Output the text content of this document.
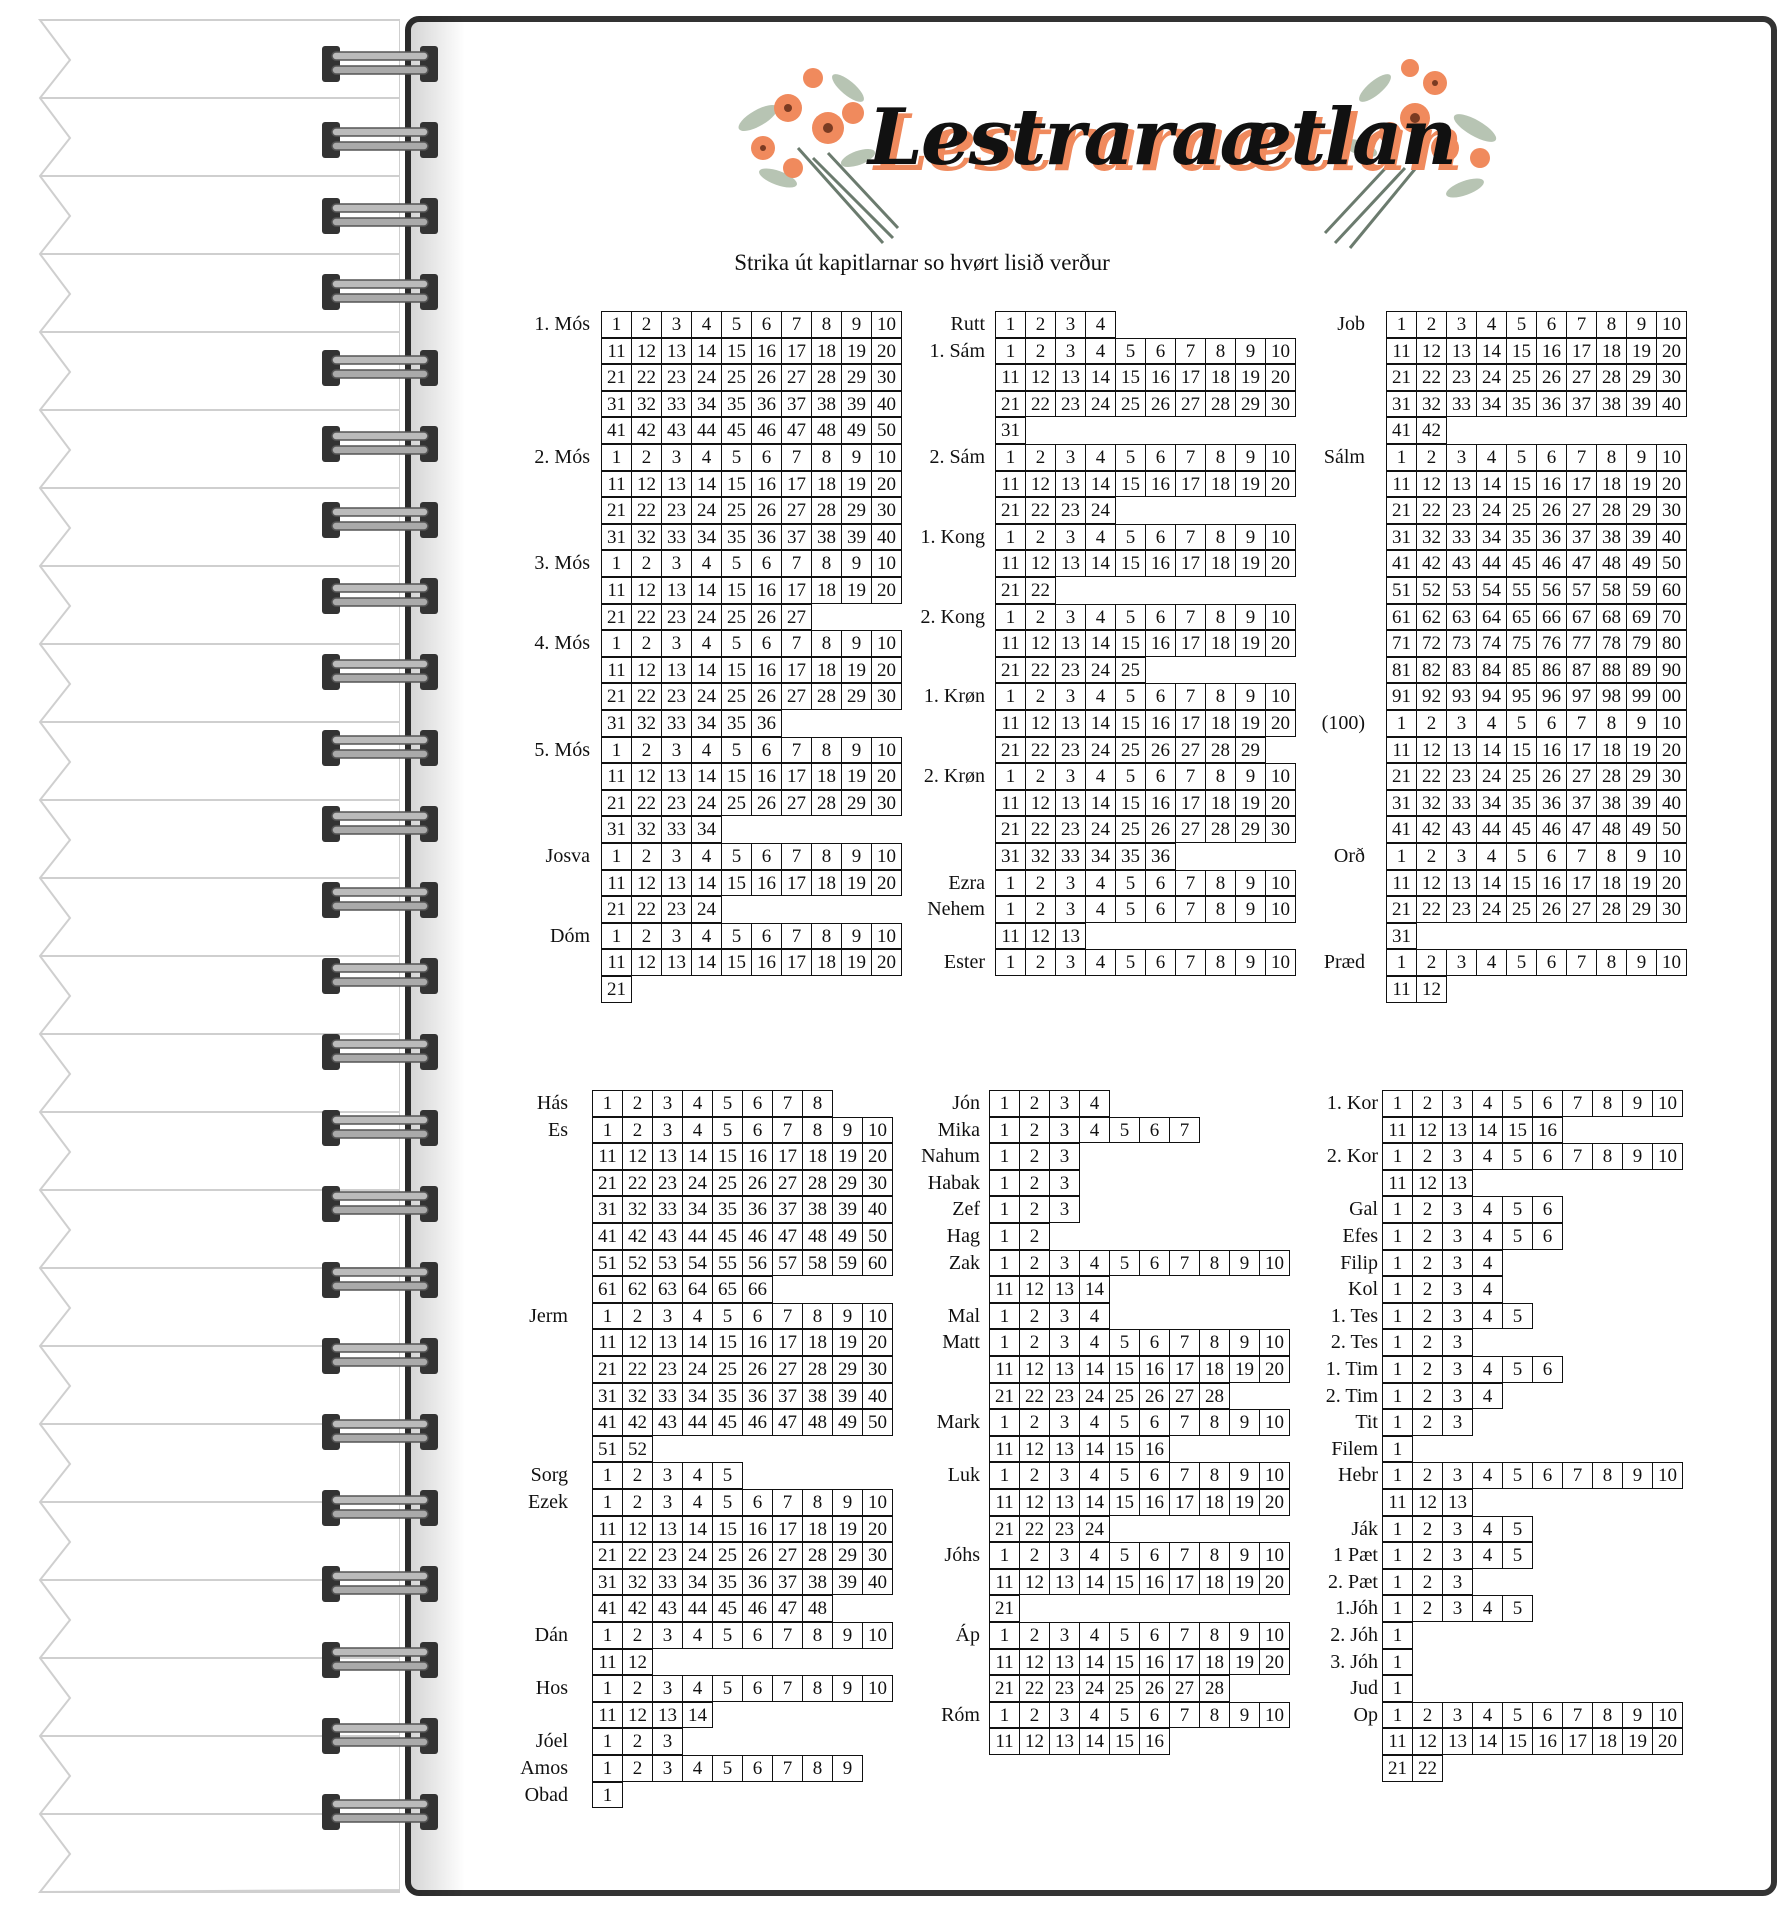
Lestraraætlan
Strika út kapitlarnar so hvørt lisið verður
1. Mós	1	2	3	4	5	6	7	8	9 10
11 12 13 14 15 16 17 18 19 20
21 22 23 24 25 26 27 28 29 30
31 32 33 34 35 36 37 38 39 40
41 42 43 44 45 46 47 48 49 50
2. Mós	1	2	3	4	5	6	7	8	9 10
11 12 13 14 15 16 17 18 19 20
21 22 23 24 25 26 27 28 29 30
31 32 33 34 35 36 37 38 39 40
3. Mós	1	2	3	4	5	6	7	8	9 10
11 12 13 14 15 16 17 18 19 20
21 22 23 24 25 26 27
4. Mós	1	2	3	4	5	6	7	8	9 10
11 12 13 14 15 16 17 18 19 20
21 22 23 24 25 26 27 28 29 30
31 32 33 34 35 36
5. Mós	1	2	3	4	5	6	7	8	9 10
11 12 13 14 15 16 17 18 19 20
21 22 23 24 25 26 27 28 29 30
31 32 33 34
Josva	1	2	3	4	5	6	7	8	9 10
11 12 13 14 15 16 17 18 19 20
21 22 23 24
Dóm	1	2	3	4	5	6	7	8	9 10
11 12 13 14 15 16 17 18 19 20
21
Rutt	1	2	3	4
1. Sám	1	2	3	4	5	6	7	8	9 10
11 12 13 14 15 16 17 18 19 20
21 22 23 24 25 26 27 28 29 30
31
2. Sám	1	2	3	4	5	6	7	8	9 10
11 12 13 14 15 16 17 18 19 20
21 22 23 24
1. Kong	1	2	3	4	5	6	7	8	9 10
11 12 13 14 15 16 17 18 19 20
21 22
2. Kong	1	2	3	4	5	6	7	8	9 10
11 12 13 14 15 16 17 18 19 20
21 22 23 24 25
1. Krøn	1	2	3	4	5	6	7	8	9 10
11 12 13 14 15 16 17 18 19 20
21 22 23 24 25 26 27 28 29
2. Krøn	1	2	3	4	5	6	7	8	9 10
11 12 13 14 15 16 17 18 19 20
21 22 23 24 25 26 27 28 29 30
31 32 33 34 35 36
Ezra	1	2	3	4	5	6	7	8	9 10
Nehem	1	2	3	4	5	6	7	8	9 10
11 12 13
Ester	1	2	3	4	5	6	7	8	9 10
Job	1	2	3	4	5	6	7	8	9 10
11 12 13 14 15 16 17 18 19 20
21 22 23 24 25 26 27 28 29 30
31 32 33 34 35 36 37 38 39 40
41 42
Sálm	1	2	3	4	5	6	7	8	9 10
11 12 13 14 15 16 17 18 19 20
21 22 23 24 25 26 27 28 29 30
31 32 33 34 35 36 37 38 39 40
41 42 43 44 45 46 47 48 49 50
51 52 53 54 55 56 57 58 59 60
61 62 63 64 65 66 67 68 69 70
71 72 73 74 75 76 77 78 79 80
81 82 83 84 85 86 87 88 89 90
91 92 93 94 95 96 97 98 99 00
(100)	1	2	3	4	5	6	7	8	9 10
11 12 13 14 15 16 17 18 19 20
21 22 23 24 25 26 27 28 29 30
31 32 33 34 35 36 37 38 39 40
41 42 43 44 45 46 47 48 49 50
Orð	1	2	3	4	5	6	7	8	9 10
11 12 13 14 15 16 17 18 19 20
21 22 23 24 25 26 27 28 29 30
31
Præd	1	2	3	4	5	6	7	8	9 10
11 12
Hás	1	2	3	4	5	6	7	8
Es	1	2	3	4	5	6	7	8	9 10
11 12 13 14 15 16 17 18 19 20
21 22 23 24 25 26 27 28 29 30
31 32 33 34 35 36 37 38 39 40
41 42 43 44 45 46 47 48 49 50
51 52 53 54 55 56 57 58 59 60
61 62 63 64 65 66
Jerm	1	2	3	4	5	6	7	8	9 10
11 12 13 14 15 16 17 18 19 20
21 22 23 24 25 26 27 28 29 30
31 32 33 34 35 36 37 38 39 40
41 42 43 44 45 46 47 48 49 50
51 52
Sorg	1	2	3	4	5
Ezek	1	2	3	4	5	6	7	8	9 10
11 12 13 14 15 16 17 18 19 20
21 22 23 24 25 26 27 28 29 30
31 32 33 34 35 36 37 38 39 40
41 42 43 44 45 46 47 48
Dán	1	2	3	4	5	6	7	8	9 10
11 12
Hos	1	2	3	4	5	6	7	8	9 10
11 12 13 14
Jóel	1	2	3
Amos	1	2	3	4	5	6	7	8	9
Obad	1
Jón	1	2	3	4
Mika	1	2	3	4	5	6	7
Nahum	1	2	3
Habak	1	2	3
Zef	1	2	3
Hag	1	2
Zak	1	2	3	4	5	6	7	8	9 10
11 12 13 14
Mal	1	2	3	4
Matt	1	2	3	4	5	6	7	8	9 10
11 12 13 14 15 16 17 18 19 20
21 22 23 24 25 26 27 28
Mark	1	2	3	4	5	6	7	8	9 10
11 12 13 14 15 16
Luk	1	2	3	4	5	6	7	8	9 10
11 12 13 14 15 16 17 18 19 20
21 22 23 24
Jóhs	1	2	3	4	5	6	7	8	9 10
11 12 13 14 15 16 17 18 19 20
21
Áp	1	2	3	4	5	6	7	8	9 10
11 12 13 14 15 16 17 18 19 20
21 22 23 24 25 26 27 28
Róm	1	2	3	4	5	6	7	8	9 10
11 12 13 14 15 16
1. Kor 1	2	3	4	5	6	7	8	9 10
11 12 13 14 15 16
2. Kor 1	2	3	4	5	6	7	8	9 10
11 12 13
Gal 1	2	3	4	5	6
Efes 1	2	3	4	5	6
Filip 1	2	3	4
Kol 1	2	3	4
1. Tes 1	2	3	4	5
2. Tes 1	2	3
1. Tim 1	2	3	4	5	6
2. Tim 1	2	3	4
Tit 1	2	3
Filem 1
Hebr 1	2	3	4	5	6	7	8	9 10
11 12 13
Ják 1	2	3	4	5
1 Pæt 1	2	3	4	5
2. Pæt 1	2	3
1.Jóh 1	2	3	4	5
2. Jóh 1
3. Jóh 1
Jud 1
Op 1	2	3	4	5	6	7	8	9 10
11 12 13 14 15 16 17 18 19 20
21 22
